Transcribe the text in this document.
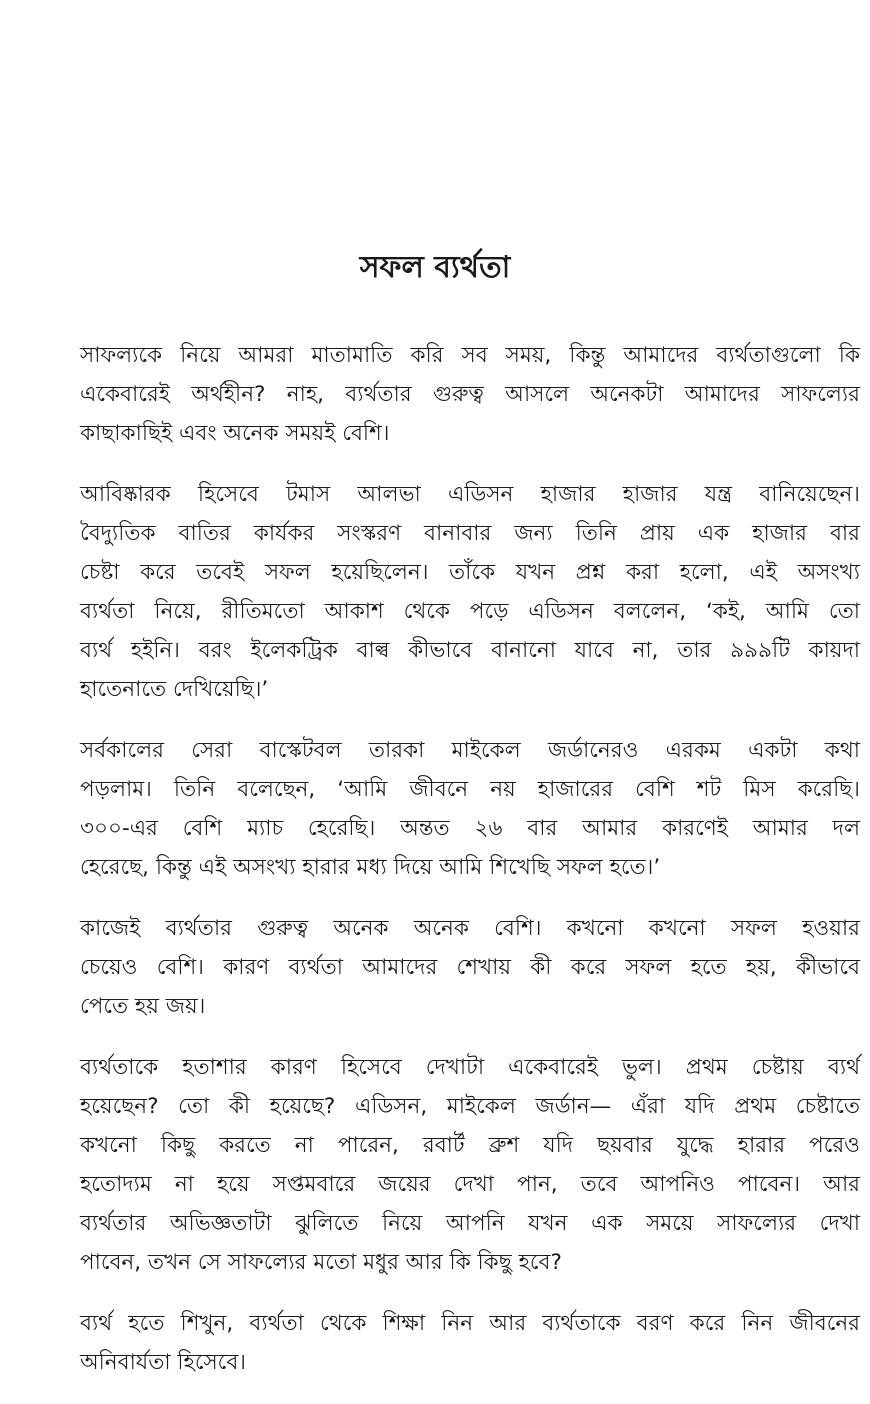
সফল ব্যর্থতা

সাফল্যকে নিয়ে আমরা মাতামাতি করি সব সময়, কিন্তু আমাদের ব্যর্থতাগুলো কি
একেবারেই অর্থহীন? নাহ, ব্যর্থতার গুরুত্ব আসলে অনেকটা আমাদের সাফল্যের
কাছাকাছিই এবং অনেক সময়ই বেশি।

আবিষ্কারক হিসেবে টমাস আলভা এডিসন হাজার হাজার যন্ত্র বানিয়েছেন।
বৈদ্যুতিক বাতির কার্যকর সংস্করণ বানাবার জন্য তিনি প্রায় এক হাজার বার
চেষ্টা করে তবেই সফল হয়েছিলেন। তাঁকে যখন প্রশ্ন করা হলো, এই অসংখ্য
ব্যর্থতা নিয়ে, রীতিমতো আকাশ থেকে পড়ে এডিসন বললেন, ‘কই, আমি তো
ব্যর্থ হইনি। বরং ইলেকট্রিক বাল্ব কীভাবে বানানো যাবে না, তার ৯৯৯টি কায়দা
হাতেনাতে দেখিয়েছি।’

সর্বকালের সেরা বাস্কেটবল তারকা মাইকেল জর্ডানেরও এরকম একটা কথা
পড়লাম। তিনি বলেছেন, ‘আমি জীবনে নয় হাজারের বেশি শট মিস করেছি।
৩০০-এর বেশি ম্যাচ হেরেছি। অন্তত ২৬ বার আমার কারণেই আমার দল
হেরেছে, কিন্তু এই অসংখ্য হারার মধ্য দিয়ে আমি শিখেছি সফল হতে।’

কাজেই ব্যর্থতার গুরুত্ব অনেক অনেক বেশি। কখনো কখনো সফল হওয়ার
চেয়েও বেশি। কারণ ব্যর্থতা আমাদের শেখায় কী করে সফল হতে হয়, কীভাবে
পেতে হয় জয়।

ব্যর্থতাকে হতাশার কারণ হিসেবে দেখাটা একেবারেই ভুল। প্রথম চেষ্টায় ব্যর্থ
হয়েছেন? তো কী হয়েছে? এডিসন, মাইকেল জর্ডান— এঁরা যদি প্রথম চেষ্টাতে
কখনো কিছু করতে না পারেন, রবার্ট ব্রুশ যদি ছয়বার যুদ্ধে হারার পরেও
হতোদ্যম না হয়ে সপ্তমবারে জয়ের দেখা পান, তবে আপনিও পাবেন। আর
ব্যর্থতার অভিজ্ঞতাটা ঝুলিতে নিয়ে আপনি যখন এক সময়ে সাফল্যের দেখা
পাবেন, তখন সে সাফল্যের মতো মধুর আর কি কিছু হবে?

ব্যর্থ হতে শিখুন, ব্যর্থতা থেকে শিক্ষা নিন আর ব্যর্থতাকে বরণ করে নিন জীবনের
অনিবার্যতা হিসেবে।
